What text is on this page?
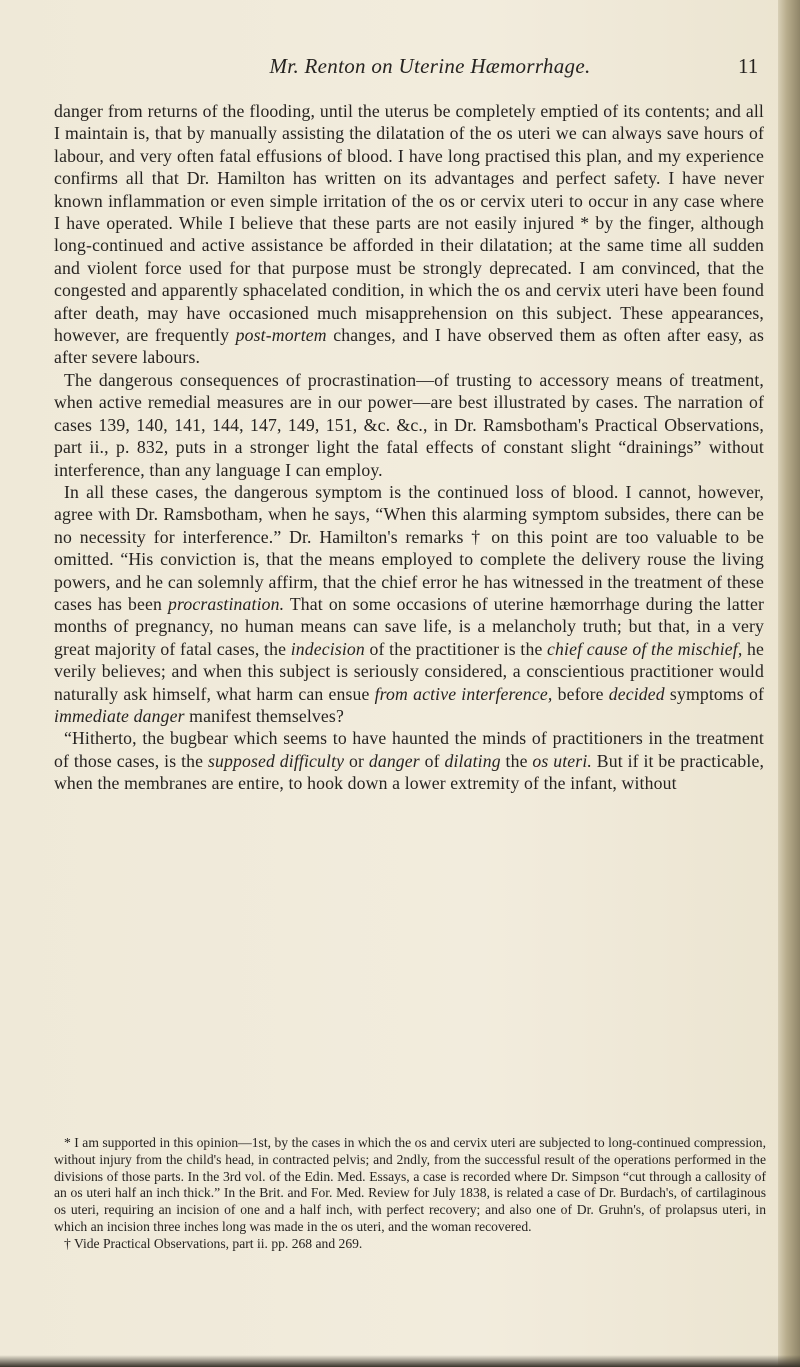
Mr. Renton on Uterine Hæmorrhage.	11

danger from returns of the flooding, until the uterus be completely emptied of its contents; and all I maintain is, that by manually assisting the dilatation of the os uteri we can always save hours of labour, and very often fatal effusions of blood. I have long practised this plan, and my experience confirms all that Dr. Hamilton has written on its advantages and perfect safety. I have never known inflammation or even simple irritation of the os or cervix uteri to occur in any case where I have operated. While I believe that these parts are not easily injured * by the finger, although long-continued and active assistance be afforded in their dilatation; at the same time all sudden and violent force used for that purpose must be strongly deprecated. I am convinced, that the congested and apparently sphacelated condition, in which the os and cervix uteri have been found after death, may have occasioned much misapprehension on this subject. These appearances, however, are frequently post-mortem changes, and I have observed them as often after easy, as after severe labours.

The dangerous consequences of procrastination—of trusting to accessory means of treatment, when active remedial measures are in our power—are best illustrated by cases. The narration of cases 139, 140, 141, 144, 147, 149, 151, &c. &c., in Dr. Ramsbotham's Practical Observations, part ii., p. 832, puts in a stronger light the fatal effects of constant slight “drainings” without interference, than any language I can employ.

In all these cases, the dangerous symptom is the continued loss of blood. I cannot, however, agree with Dr. Ramsbotham, when he says, “When this alarming symptom subsides, there can be no necessity for interference.” Dr. Hamilton's remarks † on this point are too valuable to be omitted. “His conviction is, that the means employed to complete the delivery rouse the living powers, and he can solemnly affirm, that the chief error he has witnessed in the treatment of these cases has been procrastination. That on some occasions of uterine hæmorrhage during the latter months of pregnancy, no human means can save life, is a melancholy truth; but that, in a very great majority of fatal cases, the indecision of the practitioner is the chief cause of the mischief, he verily believes; and when this subject is seriously considered, a conscientious practitioner would naturally ask himself, what harm can ensue from active interference, before decided symptoms of immediate danger manifest themselves?

“Hitherto, the bugbear which seems to have haunted the minds of practitioners in the treatment of those cases, is the supposed difficulty or danger of dilating the os uteri. But if it be practicable, when the membranes are entire, to hook down a lower extremity of the infant, without

* I am supported in this opinion—1st, by the cases in which the os and cervix uteri are subjected to long-continued compression, without injury from the child's head, in contracted pelvis; and 2ndly, from the successful result of the operations performed in the divisions of those parts. In the 3rd vol. of the Edin. Med. Essays, a case is recorded where Dr. Simpson “cut through a callosity of an os uteri half an inch thick.” In the Brit. and For. Med. Review for July 1838, is related a case of Dr. Burdach's, of cartilaginous os uteri, requiring an incision of one and a half inch, with perfect recovery; and also one of Dr. Gruhn's, of prolapsus uteri, in which an incision three inches long was made in the os uteri, and the woman recovered.

† Vide Practical Observations, part ii. pp. 268 and 269.
